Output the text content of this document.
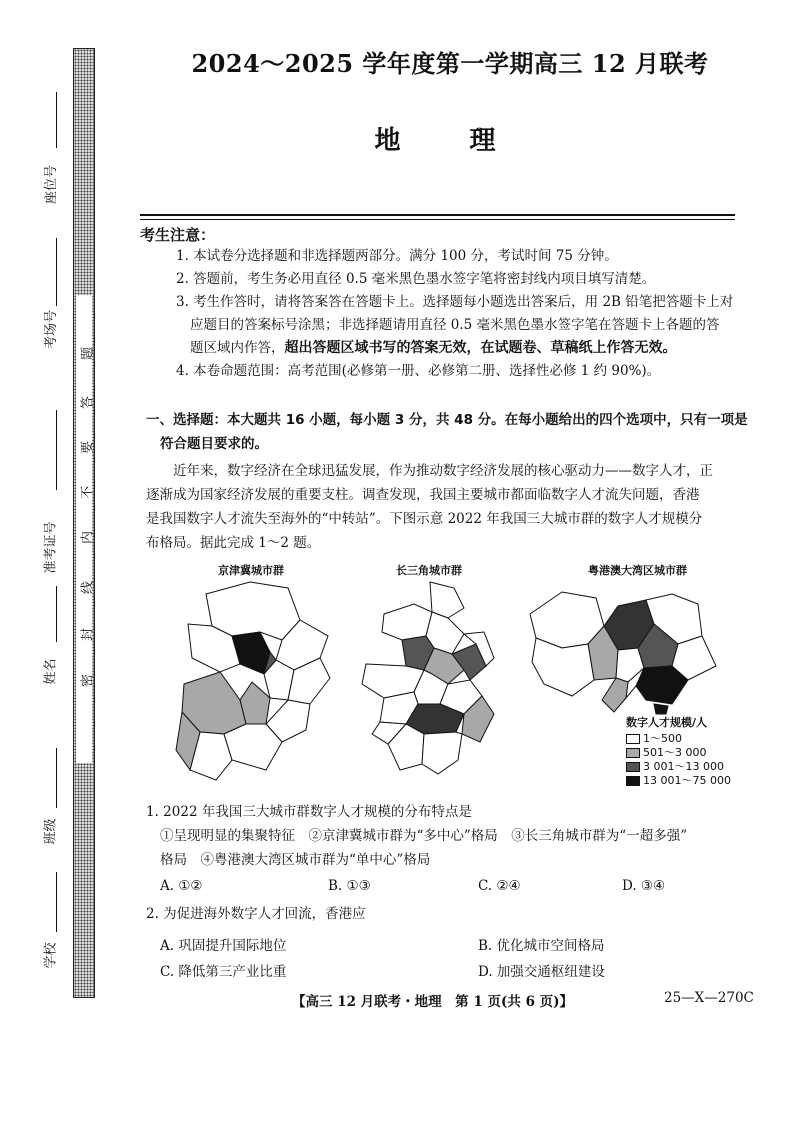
题
答
要
不
内
线
封
密
座位号
考场号
准考证号
姓名
班级
学校
2024～2025 学年度第一学期高三 12 月联考
地 理
考生注意：

1. 本试卷分选择题和非选择题两部分。满分 100 分，考试时间 75 分钟。

2. 答题前，考生务必用直径 0.5 毫米黑色墨水签字笔将密封线内项目填写清楚。

3. 考生作答时，请将答案答在答题卡上。选择题每小题选出答案后，用 2B 铅笔把答题卡上对

应题目的答案标号涂黑；非选择题请用直径 0.5 毫米黑色墨水签字笔在答题卡上各题的答

题区域内作答，超出答题区域书写的答案无效，在试题卷、草稿纸上作答无效。

4. 本卷命题范围：高考范围(必修第一册、必修第二册、选择性必修 1 约 90%)。

一、选择题：本大题共 16 小题，每小题 3 分，共 48 分。在每小题给出的四个选项中，只有一项是

符合题目要求的。

近年来，数字经济在全球迅猛发展，作为推动数字经济发展的核心驱动力——数字人才，正

逐渐成为国家经济发展的重要支柱。调查发现，我国主要城市都面临数字人才流失问题，香港

是我国数字人才流失至海外的“中转站”。下图示意 2022 年我国三大城市群的数字人才规模分

布格局。据此完成 1～2 题。

京津冀城市群	长三角城市群	粤港澳大湾区城市群
数字人才规模/人
1～500
501～3 000
3 001～13 000
13 001～75 000
1. 2022 年我国三大城市群数字人才规模的分布特点是
①呈现明显的集聚特征　②京津冀城市群为“多中心”格局　③长三角城市群为“一超多强”
格局　④粤港澳大湾区城市群为“单中心”格局
A. ①②	B. ①③	C. ②④	D. ③④
2. 为促进海外数字人才回流，香港应
A. 巩固提升国际地位	B. 优化城市空间格局
C. 降低第三产业比重	D. 加强交通枢纽建设
【高三 12 月联考・地理　第 1 页(共 6 页)】	25—X—270C
